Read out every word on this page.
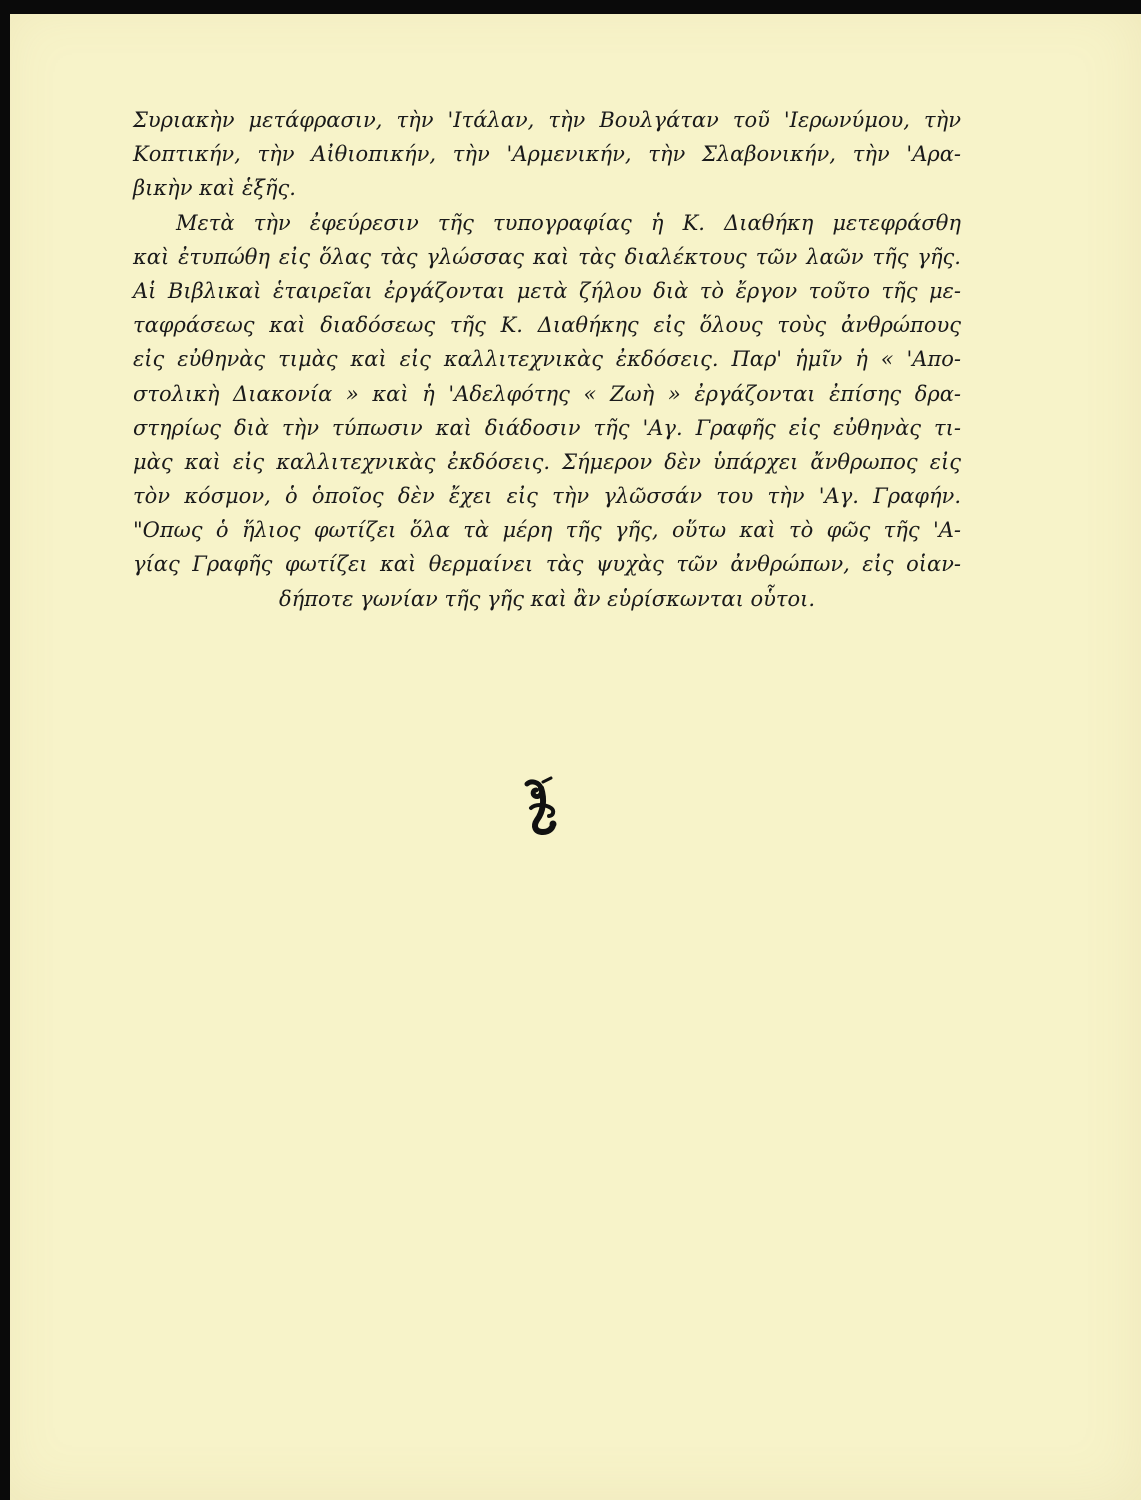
Συριακὴν μετάφρασιν, τὴν 'Ιτάλαν, τὴν Βουλγάταν τοῦ 'Ιερωνύμου, τὴν
Κοπτικήν, τὴν Αἰθιοπικήν, τὴν 'Αρμενικήν, τὴν Σλαβονικήν, τὴν 'Αρα-
βικὴν καὶ ἑξῆς.
Μετὰ τὴν ἐφεύρεσιν τῆς τυπογραφίας ἡ Κ. Διαθήκη μετεφράσθη
καὶ ἐτυπώθη εἰς ὅλας τὰς γλώσσας καὶ τὰς διαλέκτους τῶν λαῶν τῆς γῆς.
Αἱ Βιβλικαὶ ἑταιρεῖαι ἐργάζονται μετὰ ζήλου διὰ τὸ ἔργον τοῦτο τῆς με-
ταφράσεως καὶ διαδόσεως τῆς Κ. Διαθήκης εἰς ὅλους τοὺς ἀνθρώπους
εἰς εὐθηνὰς τιμὰς καὶ εἰς καλλιτεχνικὰς ἐκδόσεις. Παρ' ἡμῖν ἡ « 'Απο-
στολικὴ Διακονία » καὶ ἡ 'Αδελφότης « Ζωὴ » ἐργάζονται ἐπίσης δρα-
στηρίως διὰ τὴν τύπωσιν καὶ διάδοσιν τῆς 'Αγ. Γραφῆς εἰς εὐθηνὰς τι-
μὰς καὶ εἰς καλλιτεχνικὰς ἐκδόσεις. Σήμερον δὲν ὑπάρχει ἄνθρωπος εἰς
τὸν κόσμον, ὁ ὁποῖος δὲν ἔχει εἰς τὴν γλῶσσάν του τὴν 'Αγ. Γραφήν.
"Οπως ὁ ἥλιος φωτίζει ὅλα τὰ μέρη τῆς γῆς, οὕτω καὶ τὸ φῶς τῆς 'Α-
γίας Γραφῆς φωτίζει καὶ θερμαίνει τὰς ψυχὰς τῶν ἀνθρώπων, εἰς οἱαν-
δήποτε γωνίαν τῆς γῆς καὶ ἂν εὑρίσκωνται οὗτοι.
